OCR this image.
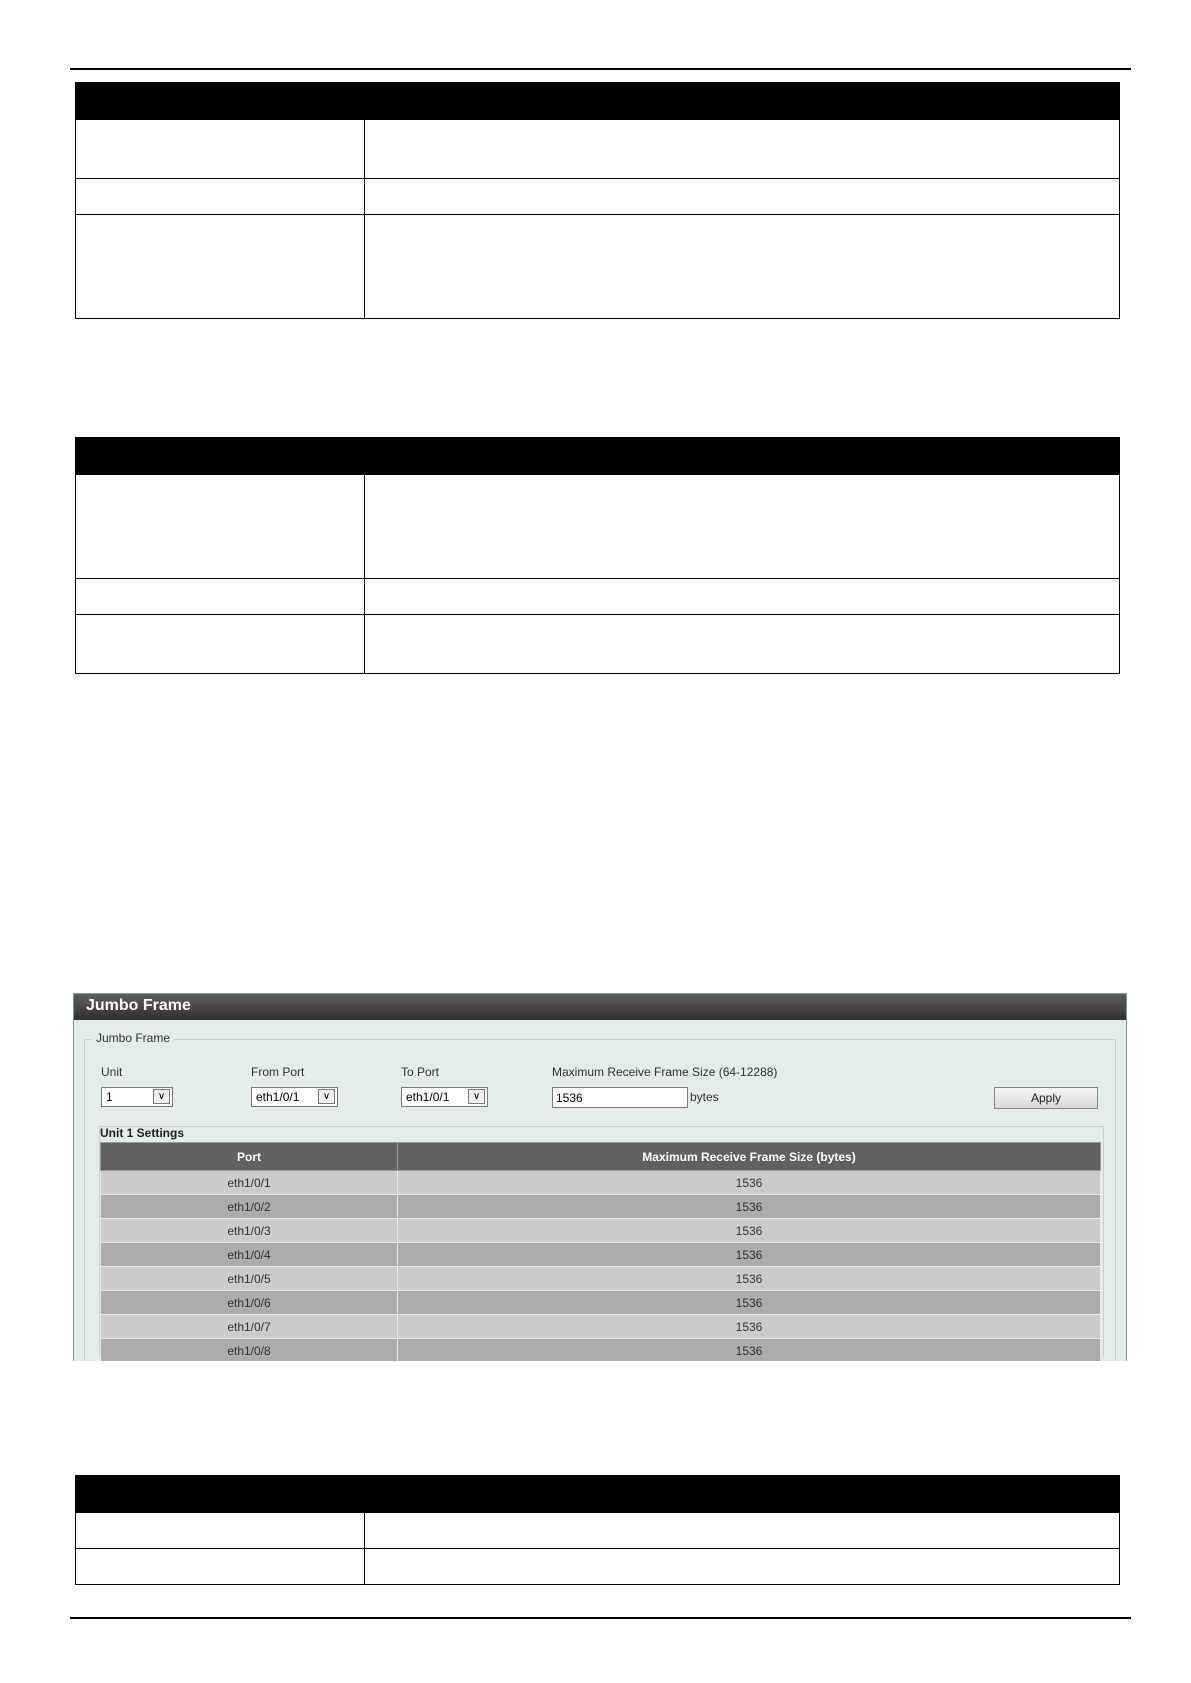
Jumbo Frame
Jumbo Frame
Unit
1	∨
From Port
eth1/0/1	∨
To Port
eth1/0/1	∨
Maximum Receive Frame Size (64-12288)
1536
bytes	Apply
Unit 1 Settings
Port	Maximum Receive Frame Size (bytes)
eth1/0/1	1536
eth1/0/2	1536
eth1/0/3	1536
eth1/0/4	1536
eth1/0/5	1536
eth1/0/6	1536
eth1/0/7	1536
eth1/0/8	1536
